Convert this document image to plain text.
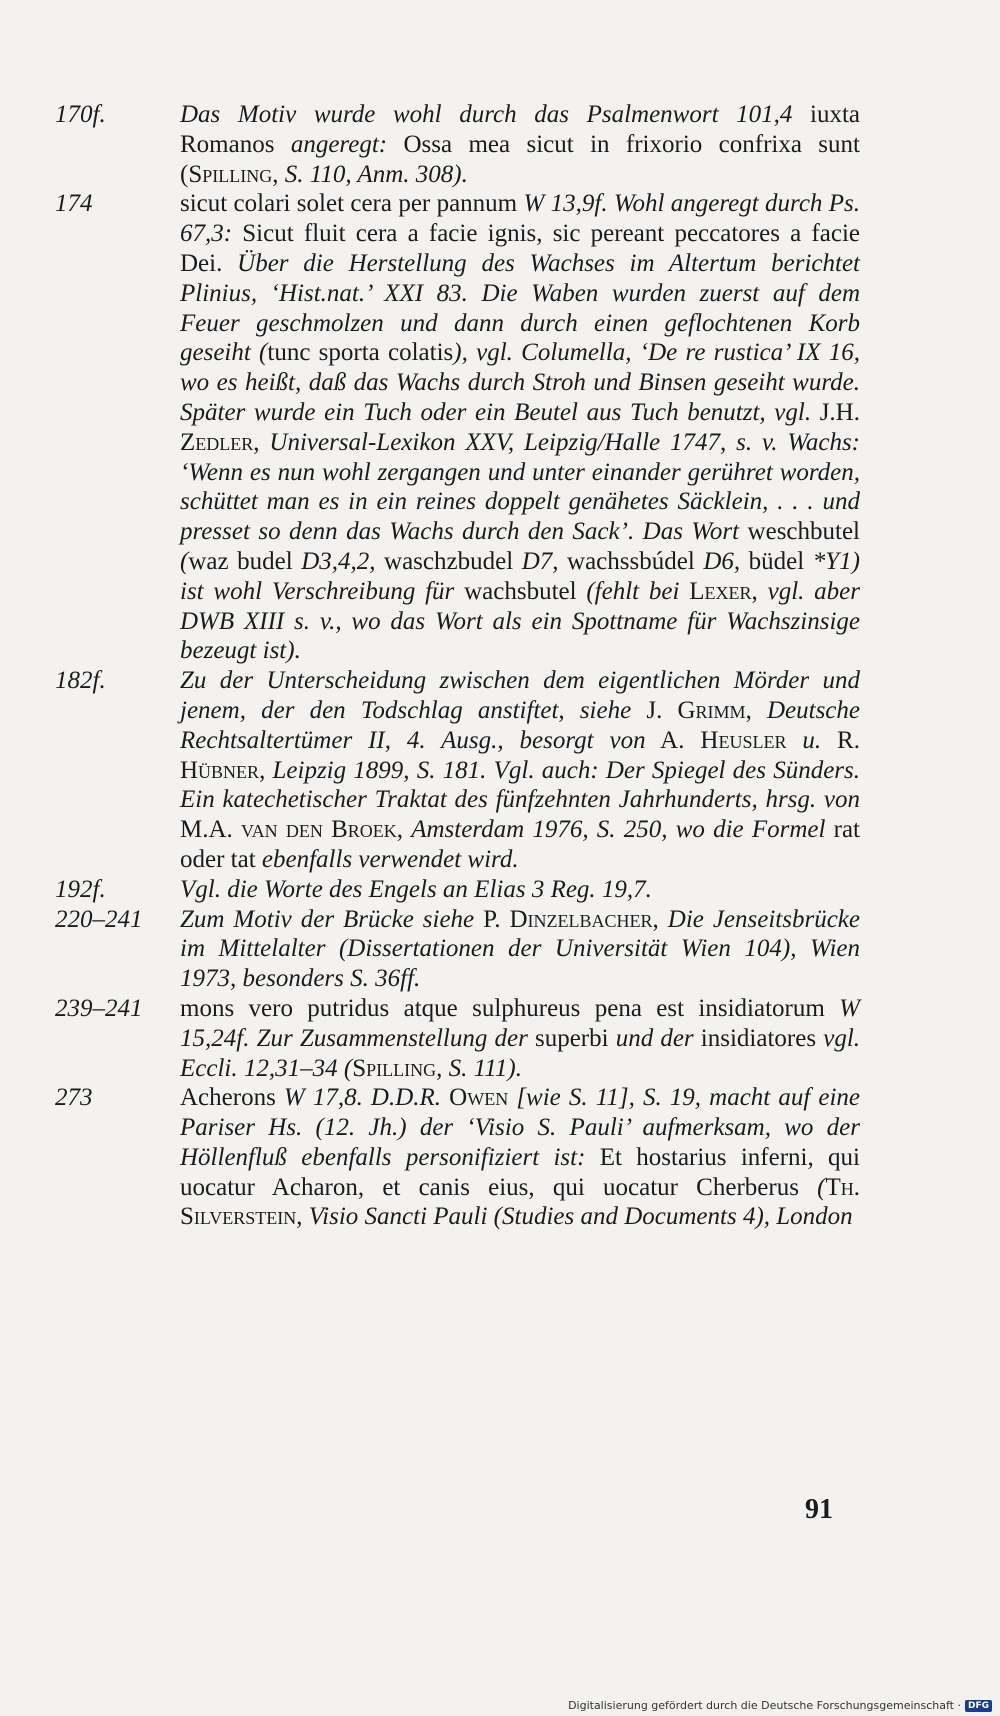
170f.	Das Motiv wurde wohl durch das Psalmenwort 101,4 iuxta Romanos angeregt: Ossa mea sicut in frixorio confrixa sunt (Spilling, S. 110, Anm. 308).
174	sicut colari solet cera per pannum W 13,9f. Wohl angeregt durch Ps. 67,3: Sicut fluit cera a facie ignis, sic pereant peccatores a facie Dei. Über die Herstellung des Wachses im Altertum berichtet Plinius, ‘Hist.nat.’ XXI 83. Die Waben wurden zuerst auf dem Feuer geschmolzen und dann durch einen geflochtenen Korb geseiht (tunc sporta colatis), vgl. Columella, ‘De re rustica’ IX 16, wo es heißt, daß das Wachs durch Stroh und Binsen geseiht wurde. Später wurde ein Tuch oder ein Beutel aus Tuch benutzt, vgl. J.H. Zedler, Universal-Lexikon XXV, Leipzig/Halle 1747, s. v. Wachs: ‘Wenn es nun wohl zergangen und unter einander gerühret worden, schüttet man es in ein reines doppelt genähetes Säcklein, . . . und presset so denn das Wachs durch den Sack’. Das Wort weschbutel (waz budel D3,4,2, waschzbudel D7, wachssbúdel D6, büdel *Y1) ist wohl Verschreibung für wachsbutel (fehlt bei Lexer, vgl. aber DWB XIII s. v., wo das Wort als ein Spottname für Wachszinsige bezeugt ist).
182f.	Zu der Unterscheidung zwischen dem eigentlichen Mörder und jenem, der den Todschlag anstiftet, siehe J. Grimm, Deutsche Rechtsaltertümer II, 4. Ausg., besorgt von A. Heusler u. R. Hübner, Leipzig 1899, S. 181. Vgl. auch: Der Spiegel des Sünders. Ein katechetischer Traktat des fünfzehnten Jahrhunderts, hrsg. von M.A. van den Broek, Amsterdam 1976, S. 250, wo die Formel rat oder tat ebenfalls verwendet wird.
192f.	Vgl. die Worte des Engels an Elias 3 Reg. 19,7.
220–241	Zum Motiv der Brücke siehe P. Dinzelbacher, Die Jenseitsbrücke im Mittelalter (Dissertationen der Universität Wien 104), Wien 1973, besonders S. 36ff.
239–241	mons vero putridus atque sulphureus pena est insidiatorum W 15,24f. Zur Zusammenstellung der superbi und der insidiatores vgl. Eccli. 12,31–34 (Spilling, S. 111).
273	Acherons W 17,8. D.D.R. Owen [wie S. 11], S. 19, macht auf eine Pariser Hs. (12. Jh.) der ‘Visio S. Pauli’ aufmerksam, wo der Höllenfluß ebenfalls personifiziert ist: Et hostarius inferni, qui uocatur Acharon, et canis eius, qui uocatur Cherberus (Th. Silverstein, Visio Sancti Pauli (Studies and Documents 4), London
91
Digitalisierung gefördert durch die Deutsche Forschungsgemeinschaft · DFG
